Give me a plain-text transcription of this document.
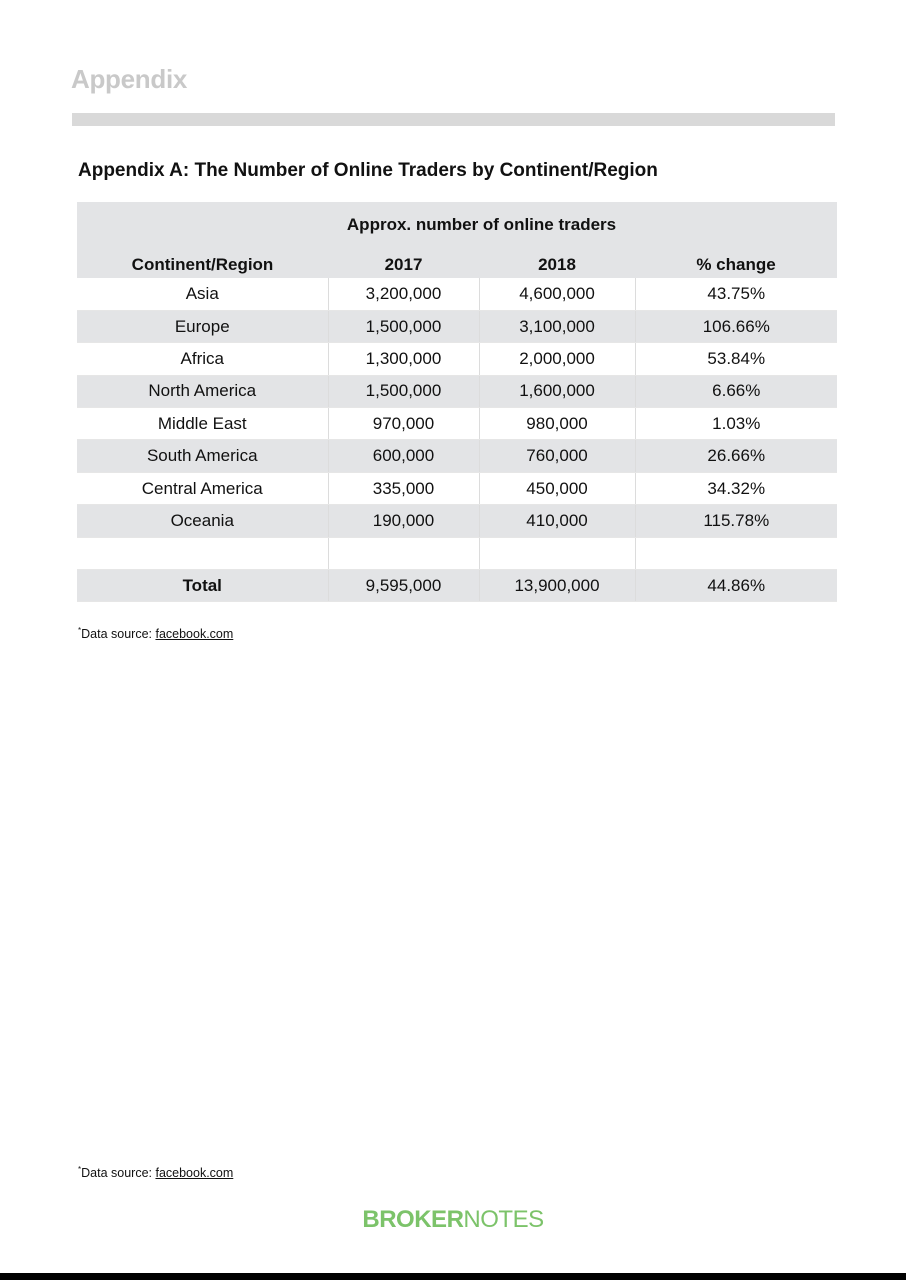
Appendix
Appendix A: The Number of Online Traders by Continent/Region
	Approx. number of online traders		
Continent/Region	2017	2018	% change
Asia	3,200,000	4,600,000	43.75%
Europe	1,500,000	3,100,000	106.66%
Africa	1,300,000	2,000,000	53.84%
North America	1,500,000	1,600,000	6.66%
Middle East	970,000	980,000	1.03%
South America	600,000	760,000	26.66%
Central America	335,000	450,000	34.32%
Oceania	190,000	410,000	115.78%

Total	9,595,000	13,900,000	44.86%
*Data source: facebook.com
*Data source: facebook.com
BROKERNOTES
